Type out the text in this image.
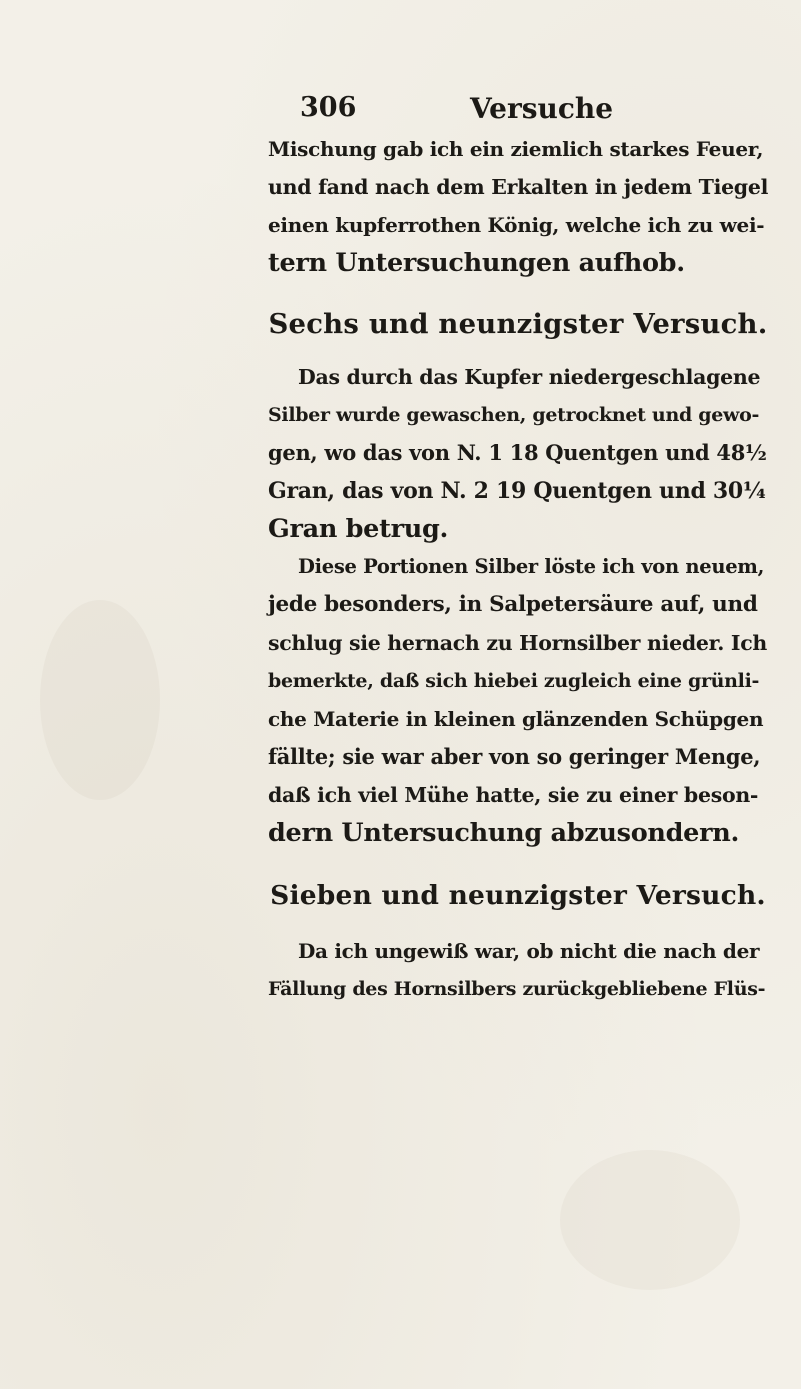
306	Versuche
Mischung gab ich ein ziemlich starkes Feuer,
und fand nach dem Erkalten in jedem Tiegel
einen kupferrothen König, welche ich zu wei-
tern Untersuchungen aufhob.
Sechs und neunzigster Versuch.
Das durch das Kupfer niedergeschlagene
Silber wurde gewaschen, getrocknet und gewo-
gen, wo das von N. 1 18 Quentgen und 48½
Gran, das von N. 2 19 Quentgen und 30¼
Gran betrug.
Diese Portionen Silber löste ich von neuem,
jede besonders, in Salpetersäure auf, und
schlug sie hernach zu Hornsilber nieder. Ich
bemerkte, daß sich hiebei zugleich eine grünli-
che Materie in kleinen glänzenden Schüpgen
fällte; sie war aber von so geringer Menge,
daß ich viel Mühe hatte, sie zu einer beson-
dern Untersuchung abzusondern.
Sieben und neunzigster Versuch.
Da ich ungewiß war, ob nicht die nach der
Fällung des Hornsilbers zurückgebliebene Flüs-
